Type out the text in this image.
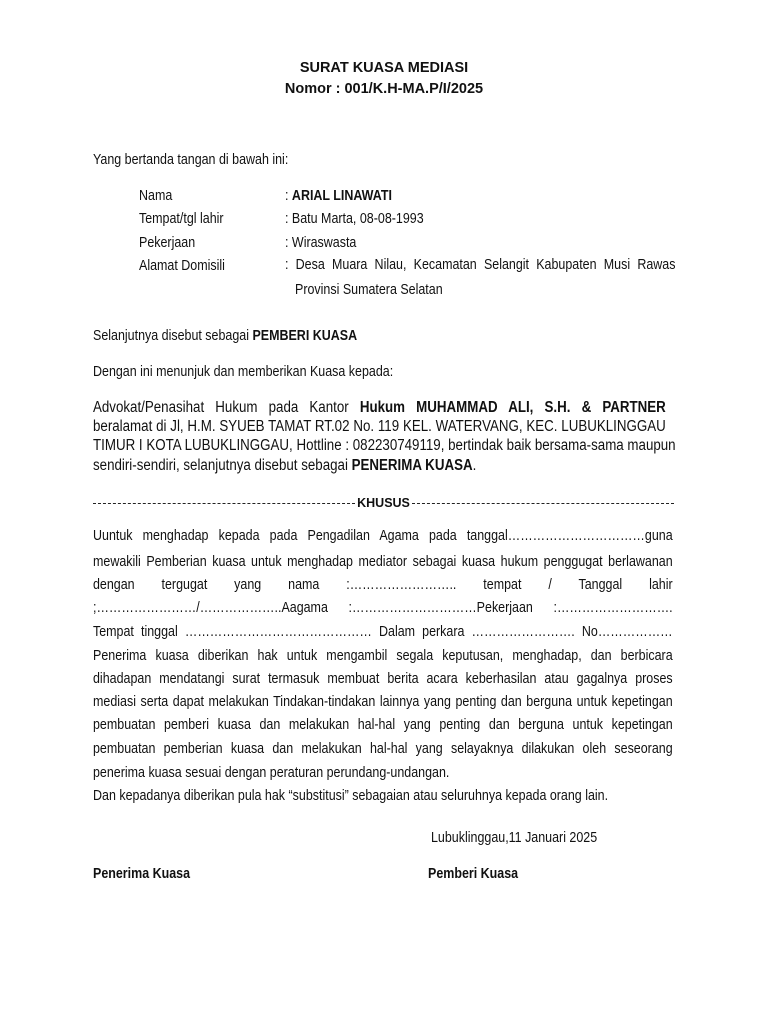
SURAT KUASA MEDIASI
Nomor : 001/K.H-MA.P/I/2025
Yang bertanda tangan di bawah ini:
Nama	: ARIAL LINAWATI
Tempat/tgl lahir	: Batu Marta, 08-08-1993
Pekerjaan	: Wiraswasta
Alamat Domisili	: Desa Muara Nilau, Kecamatan Selangit Kabupaten Musi Rawas
Provinsi Sumatera Selatan
Selanjutnya disebut sebagai PEMBERI KUASA
Dengan ini menunjuk dan memberikan Kuasa kepada:
Advokat/Penasihat Hukum pada Kantor Hukum MUHAMMAD ALI, S.H. & PARTNER
beralamat di Jl, H.M. SYUEB TAMAT RT.02 No. 119 KEL. WATERVANG, KEC. LUBUKLINGGAU
TIMUR I KOTA LUBUKLINGGAU, Hottline : 082230749119, bertindak baik bersama-sama maupun
sendiri-sendiri, selanjutnya disebut sebagai PENERIMA KUASA.
KHUSUS
Uuntuk menghadap kepada pada Pengadilan Agama pada tanggal……………………………guna
mewakili Pemberian kuasa untuk menghadap mediator sebagai kuasa hukum penggugat berlawanan
dengan tergugat yang nama :…………………….. tempat / Tanggal lahir
;……………………/………………..Aagama :…………………………Pekerjaan :……………………….
Tempat tinggal ……………………………………… Dalam perkara ……………………. No………………
Penerima kuasa diberikan hak untuk mengambil segala keputusan, menghadap, dan berbicara
dihadapan mendatangi surat termasuk membuat berita acara keberhasilan atau gagalnya proses
mediasi serta dapat melakukan Tindakan-tindakan lainnya yang penting dan berguna untuk kepetingan
pembuatan pemberi kuasa dan melakukan hal-hal yang penting dan berguna untuk kepetingan
pembuatan pemberian kuasa dan melakukan hal-hal yang selayaknya dilakukan oleh seseorang
penerima kuasa sesuai dengan peraturan perundang-undangan.
Dan kepadanya diberikan pula hak “substitusi” sebagaian atau seluruhnya kepada orang lain.
Lubuklinggau,11 Januari 2025
Penerima Kuasa	Pemberi Kuasa
